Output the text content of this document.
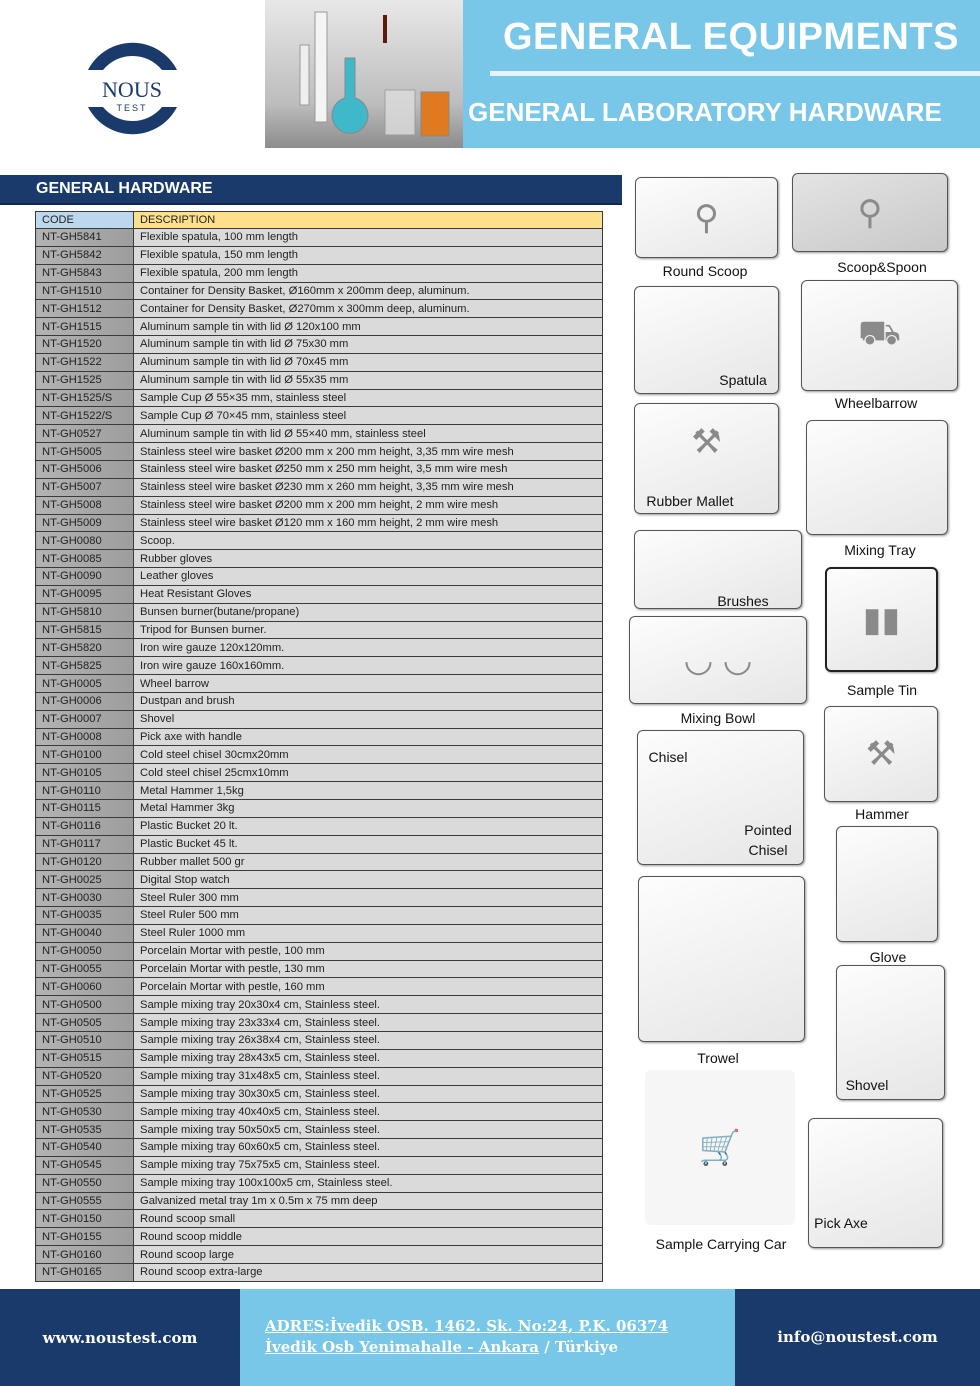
NOUS
TEST
GENERAL EQUIPMENTS
GENERAL LABORATORY HARDWARE
GENERAL HARDWARE
CODE	DESCRIPTION
NT-GH5841	Flexible spatula, 100 mm length
NT-GH5842	Flexible spatula, 150 mm length
NT-GH5843	Flexible spatula, 200 mm length
NT-GH1510	Container for Density Basket, Ø160mm x 200mm deep, aluminum.
NT-GH1512	Container for Density Basket, Ø270mm x 300mm deep, aluminum.
NT-GH1515	Aluminum sample tin with lid Ø 120x100 mm
NT-GH1520	Aluminum sample tin with lid Ø 75x30 mm
NT-GH1522	Aluminum sample tin with lid Ø 70x45 mm
NT-GH1525	Aluminum sample tin with lid Ø 55x35 mm
NT-GH1525/S	Sample Cup Ø 55×35 mm, stainless steel
NT-GH1522/S	Sample Cup Ø 70×45 mm, stainless steel
NT-GH0527	Aluminum sample tin with lid Ø 55×40 mm, stainless steel
NT-GH5005	Stainless steel wire basket Ø200 mm x 200 mm height, 3,35 mm wire mesh
NT-GH5006	Stainless steel wire basket Ø250 mm x 250 mm height, 3,5 mm wire mesh
NT-GH5007	Stainless steel wire basket Ø230 mm x 260 mm height, 3,35 mm wire mesh
NT-GH5008	Stainless steel wire basket Ø200 mm x 200 mm height, 2 mm wire mesh
NT-GH5009	Stainless steel wire basket Ø120 mm x 160 mm height, 2 mm wire mesh
NT-GH0080	Scoop.
NT-GH0085	Rubber gloves
NT-GH0090	Leather gloves
NT-GH0095	Heat Resistant Gloves
NT-GH5810	Bunsen burner(butane/propane)
NT-GH5815	Tripod for Bunsen burner.
NT-GH5820	Iron wire gauze 120x120mm.
NT-GH5825	Iron wire gauze 160x160mm.
NT-GH0005	Wheel barrow
NT-GH0006	Dustpan and brush
NT-GH0007	Shovel
NT-GH0008	Pick axe with handle
NT-GH0100	Cold steel chisel 30cmx20mm
NT-GH0105	Cold steel chisel 25cmx10mm
NT-GH0110	Metal Hammer 1,5kg
NT-GH0115	Metal Hammer 3kg
NT-GH0116	Plastic Bucket 20 lt.
NT-GH0117	Plastic Bucket 45 lt.
NT-GH0120	Rubber mallet 500 gr
NT-GH0025	Digital Stop watch
NT-GH0030	Steel Ruler 300 mm
NT-GH0035	Steel Ruler 500 mm
NT-GH0040	Steel Ruler 1000 mm
NT-GH0050	Porcelain Mortar with pestle, 100 mm
NT-GH0055	Porcelain Mortar with pestle, 130 mm
NT-GH0060	Porcelain Mortar with pestle, 160 mm
NT-GH0500	Sample mixing tray 20x30x4 cm, Stainless steel.
NT-GH0505	Sample mixing tray 23x33x4 cm, Stainless steel.
NT-GH0510	Sample mixing tray 26x38x4 cm, Stainless steel.
NT-GH0515	Sample mixing tray 28x43x5 cm, Stainless steel.
NT-GH0520	Sample mixing tray 31x48x5 cm, Stainless steel.
NT-GH0525	Sample mixing tray 30x30x5 cm, Stainless steel.
NT-GH0530	Sample mixing tray 40x40x5 cm, Stainless steel.
NT-GH0535	Sample mixing tray 50x50x5 cm, Stainless steel.
NT-GH0540	Sample mixing tray 60x60x5 cm, Stainless steel.
NT-GH0545	Sample mixing tray 75x75x5 cm, Stainless steel.
NT-GH0550	Sample mixing tray 100x100x5 cm, Stainless steel.
NT-GH0555	Galvanized metal tray 1m x 0.5m x 75 mm deep
NT-GH0150	Round scoop small
NT-GH0155	Round scoop middle
NT-GH0160	Round scoop large
NT-GH0165	Round scoop extra-large
⚲
Round Scoop
⚲
Scoop&Spoon
Spatula
⛟
Wheelbarrow
⚒
Rubber Mallet
Mixing Tray
Brushes
◡ ◡
Mixing Bowl
▮▮
Sample Tin
Chisel
Pointed
Chisel
⚒
Hammer
Glove
Trowel
Shovel
🛒
Sample Carrying Car
Pick Axe
www.noustest.com
ADRES:İvedik OSB. 1462. Sk. No:24, P.K. 06374
İvedik Osb Yenimahalle - Ankara / Türkiye
info@noustest.com
